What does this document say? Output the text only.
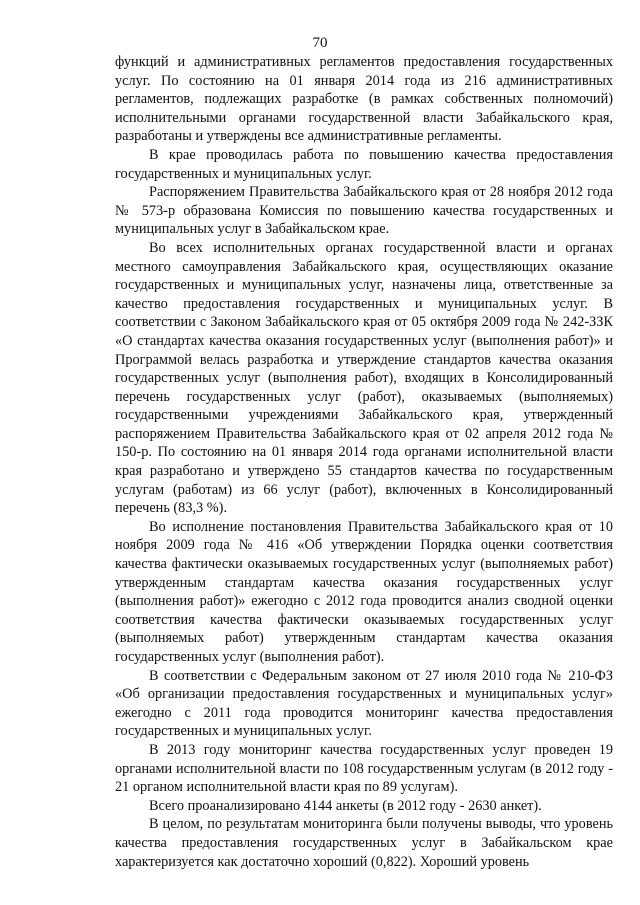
70

функций и административных регламентов предоставления государственных услуг. По состоянию на 01 января 2014 года из 216 административных регламентов, подлежащих разработке (в рамках собственных полномочий) исполнительными органами государственной власти Забайкальского края, разработаны и утверждены все административные регламенты.

В крае проводилась работа по повышению качества предоставления государственных и муниципальных услуг.

Распоряжением Правительства Забайкальского края от 28 ноября 2012 года № 573-р образована Комиссия по повышению качества государственных и муниципальных услуг в Забайкальском крае.

Во всех исполнительных органах государственной власти и органах местного самоуправления Забайкальского края, осуществляющих оказание государственных и муниципальных услуг, назначены лица, ответственные за качество предоставления государственных и муниципальных услуг. В соответствии с Законом Забайкальского края от 05 октября 2009 года № 242-ЗЗК «О стандартах качества оказания государственных услуг (выполнения работ)» и Программой велась разработка и утверждение стандартов качества оказания государственных услуг (выполнения работ), входящих в Консолидированный перечень государственных услуг (работ), оказываемых (выполняемых) государственными учреждениями Забайкальского края, утвержденный распоряжением Правительства Забайкальского края от 02 апреля 2012 года № 150-р. По состоянию на 01 января 2014 года органами исполнительной власти края разработано и утверждено 55 стандартов качества по государственным услугам (работам) из 66 услуг (работ), включенных в Консолидированный перечень (83,3 %).

Во исполнение постановления Правительства Забайкальского края от 10 ноября 2009 года № 416 «Об утверждении Порядка оценки соответствия качества фактически оказываемых государственных услуг (выполняемых работ) утвержденным стандартам качества оказания государственных услуг (выполнения работ)» ежегодно с 2012 года проводится анализ сводной оценки соответствия качества фактически оказываемых государственных услуг (выполняемых работ) утвержденным стандартам качества оказания государственных услуг (выполнения работ).

В соответствии с Федеральным законом от 27 июля 2010 года № 210-ФЗ «Об организации предоставления государственных и муниципальных услуг» ежегодно с 2011 года проводится мониторинг качества предоставления государственных и муниципальных услуг.

В 2013 году мониторинг качества государственных услуг проведен 19 органами исполнительной власти по 108 государственным услугам (в 2012 году - 21 органом исполнительной власти края по 89 услугам).

Всего проанализировано 4144 анкеты (в 2012 году - 2630 анкет).

В целом, по результатам мониторинга были получены выводы, что уровень качества предоставления государственных услуг в Забайкальском крае характеризуется как достаточно хороший (0,822). Хороший уровень
